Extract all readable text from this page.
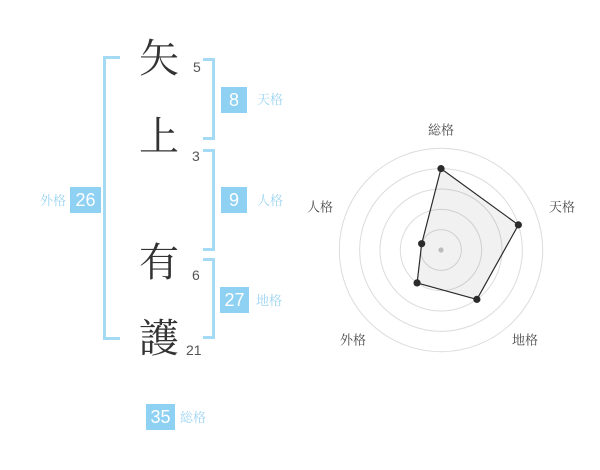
矢
上
有
護
5
3
6
21
8
9
27
26
35
天格
人格
地格
外格
総格
総格
天格
地格
外格
人格
